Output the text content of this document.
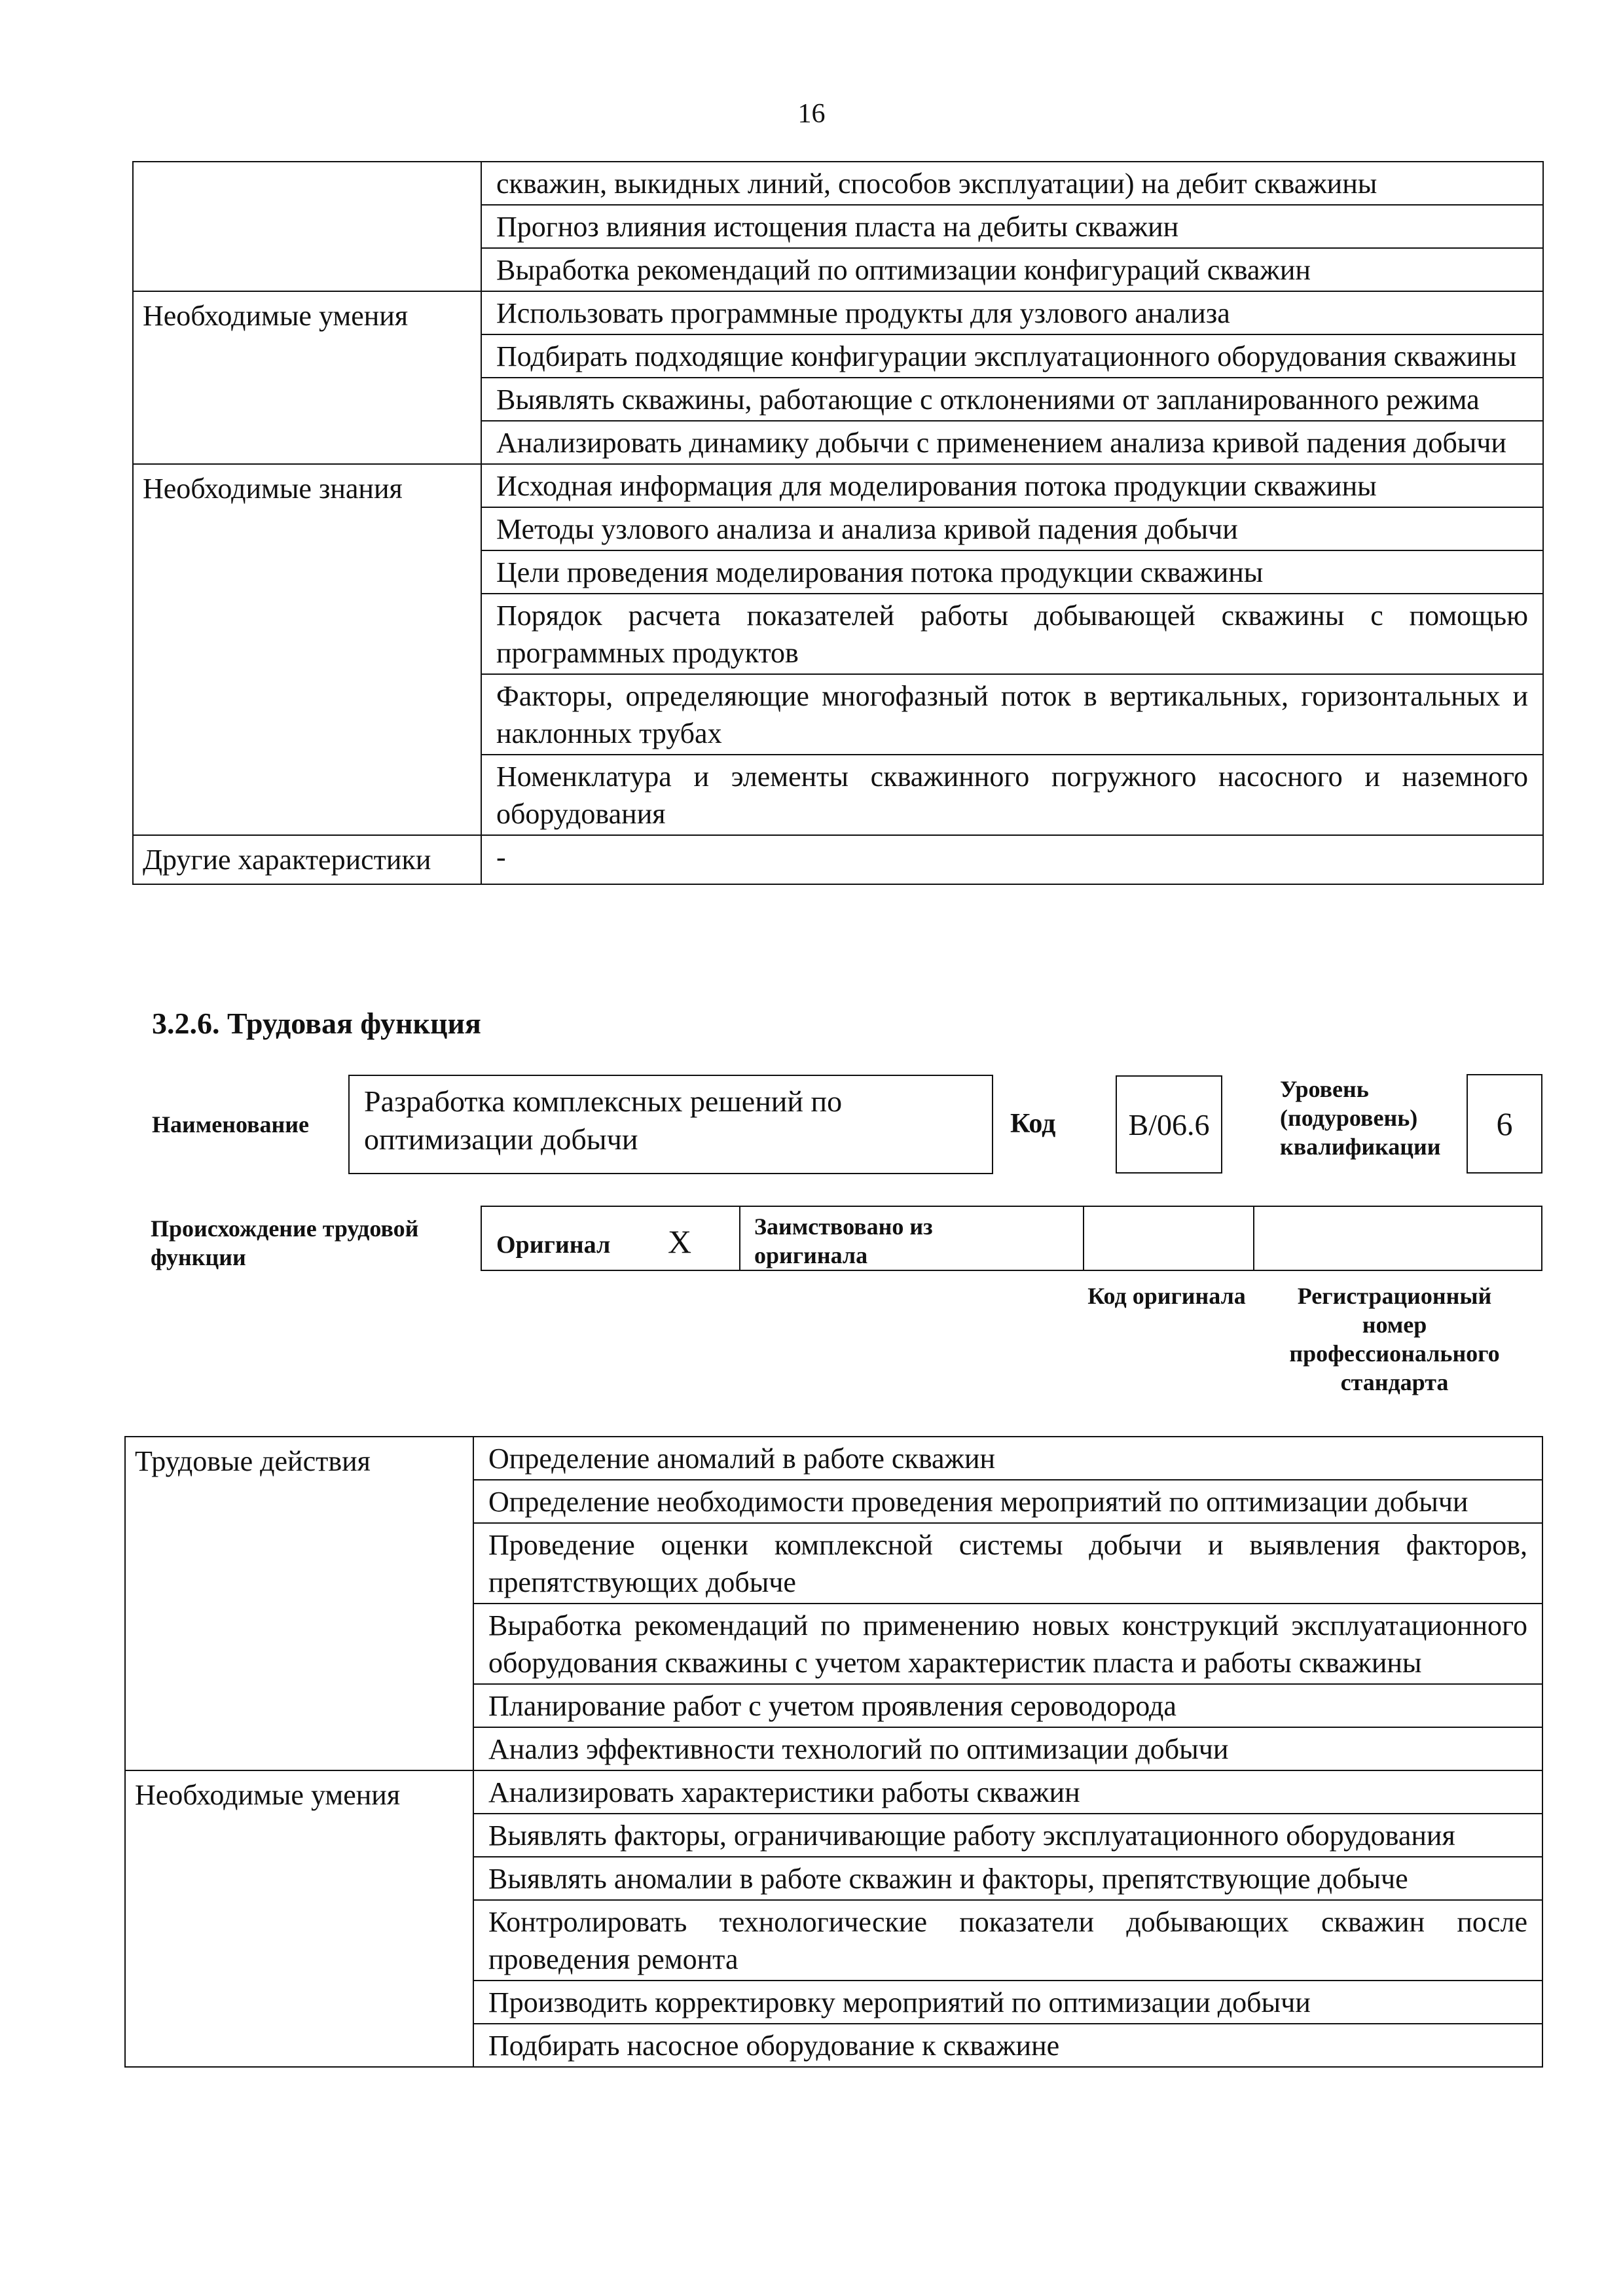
16
	скважин, выкидных линий, способов эксплуатации) на дебит скважины
	Прогноз влияния истощения пласта на дебиты скважин
	Выработка рекомендаций по оптимизации конфигураций скважин
Необходимые умения	Использовать программные продукты для узлового анализа
	Подбирать подходящие конфигурации эксплуатационного оборудования скважины
	Выявлять скважины, работающие с отклонениями от запланированного режима
	Анализировать динамику добычи с применением анализа кривой падения добычи
Необходимые знания	Исходная информация для моделирования потока продукции скважины
	Методы узлового анализа и анализа кривой падения добычи
	Цели проведения моделирования потока продукции скважины
	Порядок расчета показателей работы добывающей скважины с помощью программных продуктов
	Факторы, определяющие многофазный поток в вертикальных, горизонтальных и наклонных трубах
	Номенклатура и элементы скважинного погружного насосного и наземного оборудования
Другие характеристики	-
3.2.6. Трудовая функция
Наименование
Разработка комплексных решений по оптимизации добычи	Код B/06.6
Уровень (подуровень) квалификации
6
Происхождение трудовой функции	Оригинал X	Заимствовано из оригинала
Код оригинала	Регистрационный номер профессионального стандарта
Трудовые действия	Определение аномалий в работе скважин
	Определение необходимости проведения мероприятий по оптимизации добычи
	Проведение оценки комплексной системы добычи и выявления факторов, препятствующих добыче
	Выработка рекомендаций по применению новых конструкций эксплуатационного оборудования скважины с учетом характеристик пласта и работы скважины
	Планирование работ с учетом проявления сероводорода
	Анализ эффективности технологий по оптимизации добычи
Необходимые умения	Анализировать характеристики работы скважин
	Выявлять факторы, ограничивающие работу эксплуатационного оборудования
	Выявлять аномалии в работе скважин и факторы, препятствующие добыче
	Контролировать технологические показатели добывающих скважин после проведения ремонта
	Производить корректировку мероприятий по оптимизации добычи
	Подбирать насосное оборудование к скважине
